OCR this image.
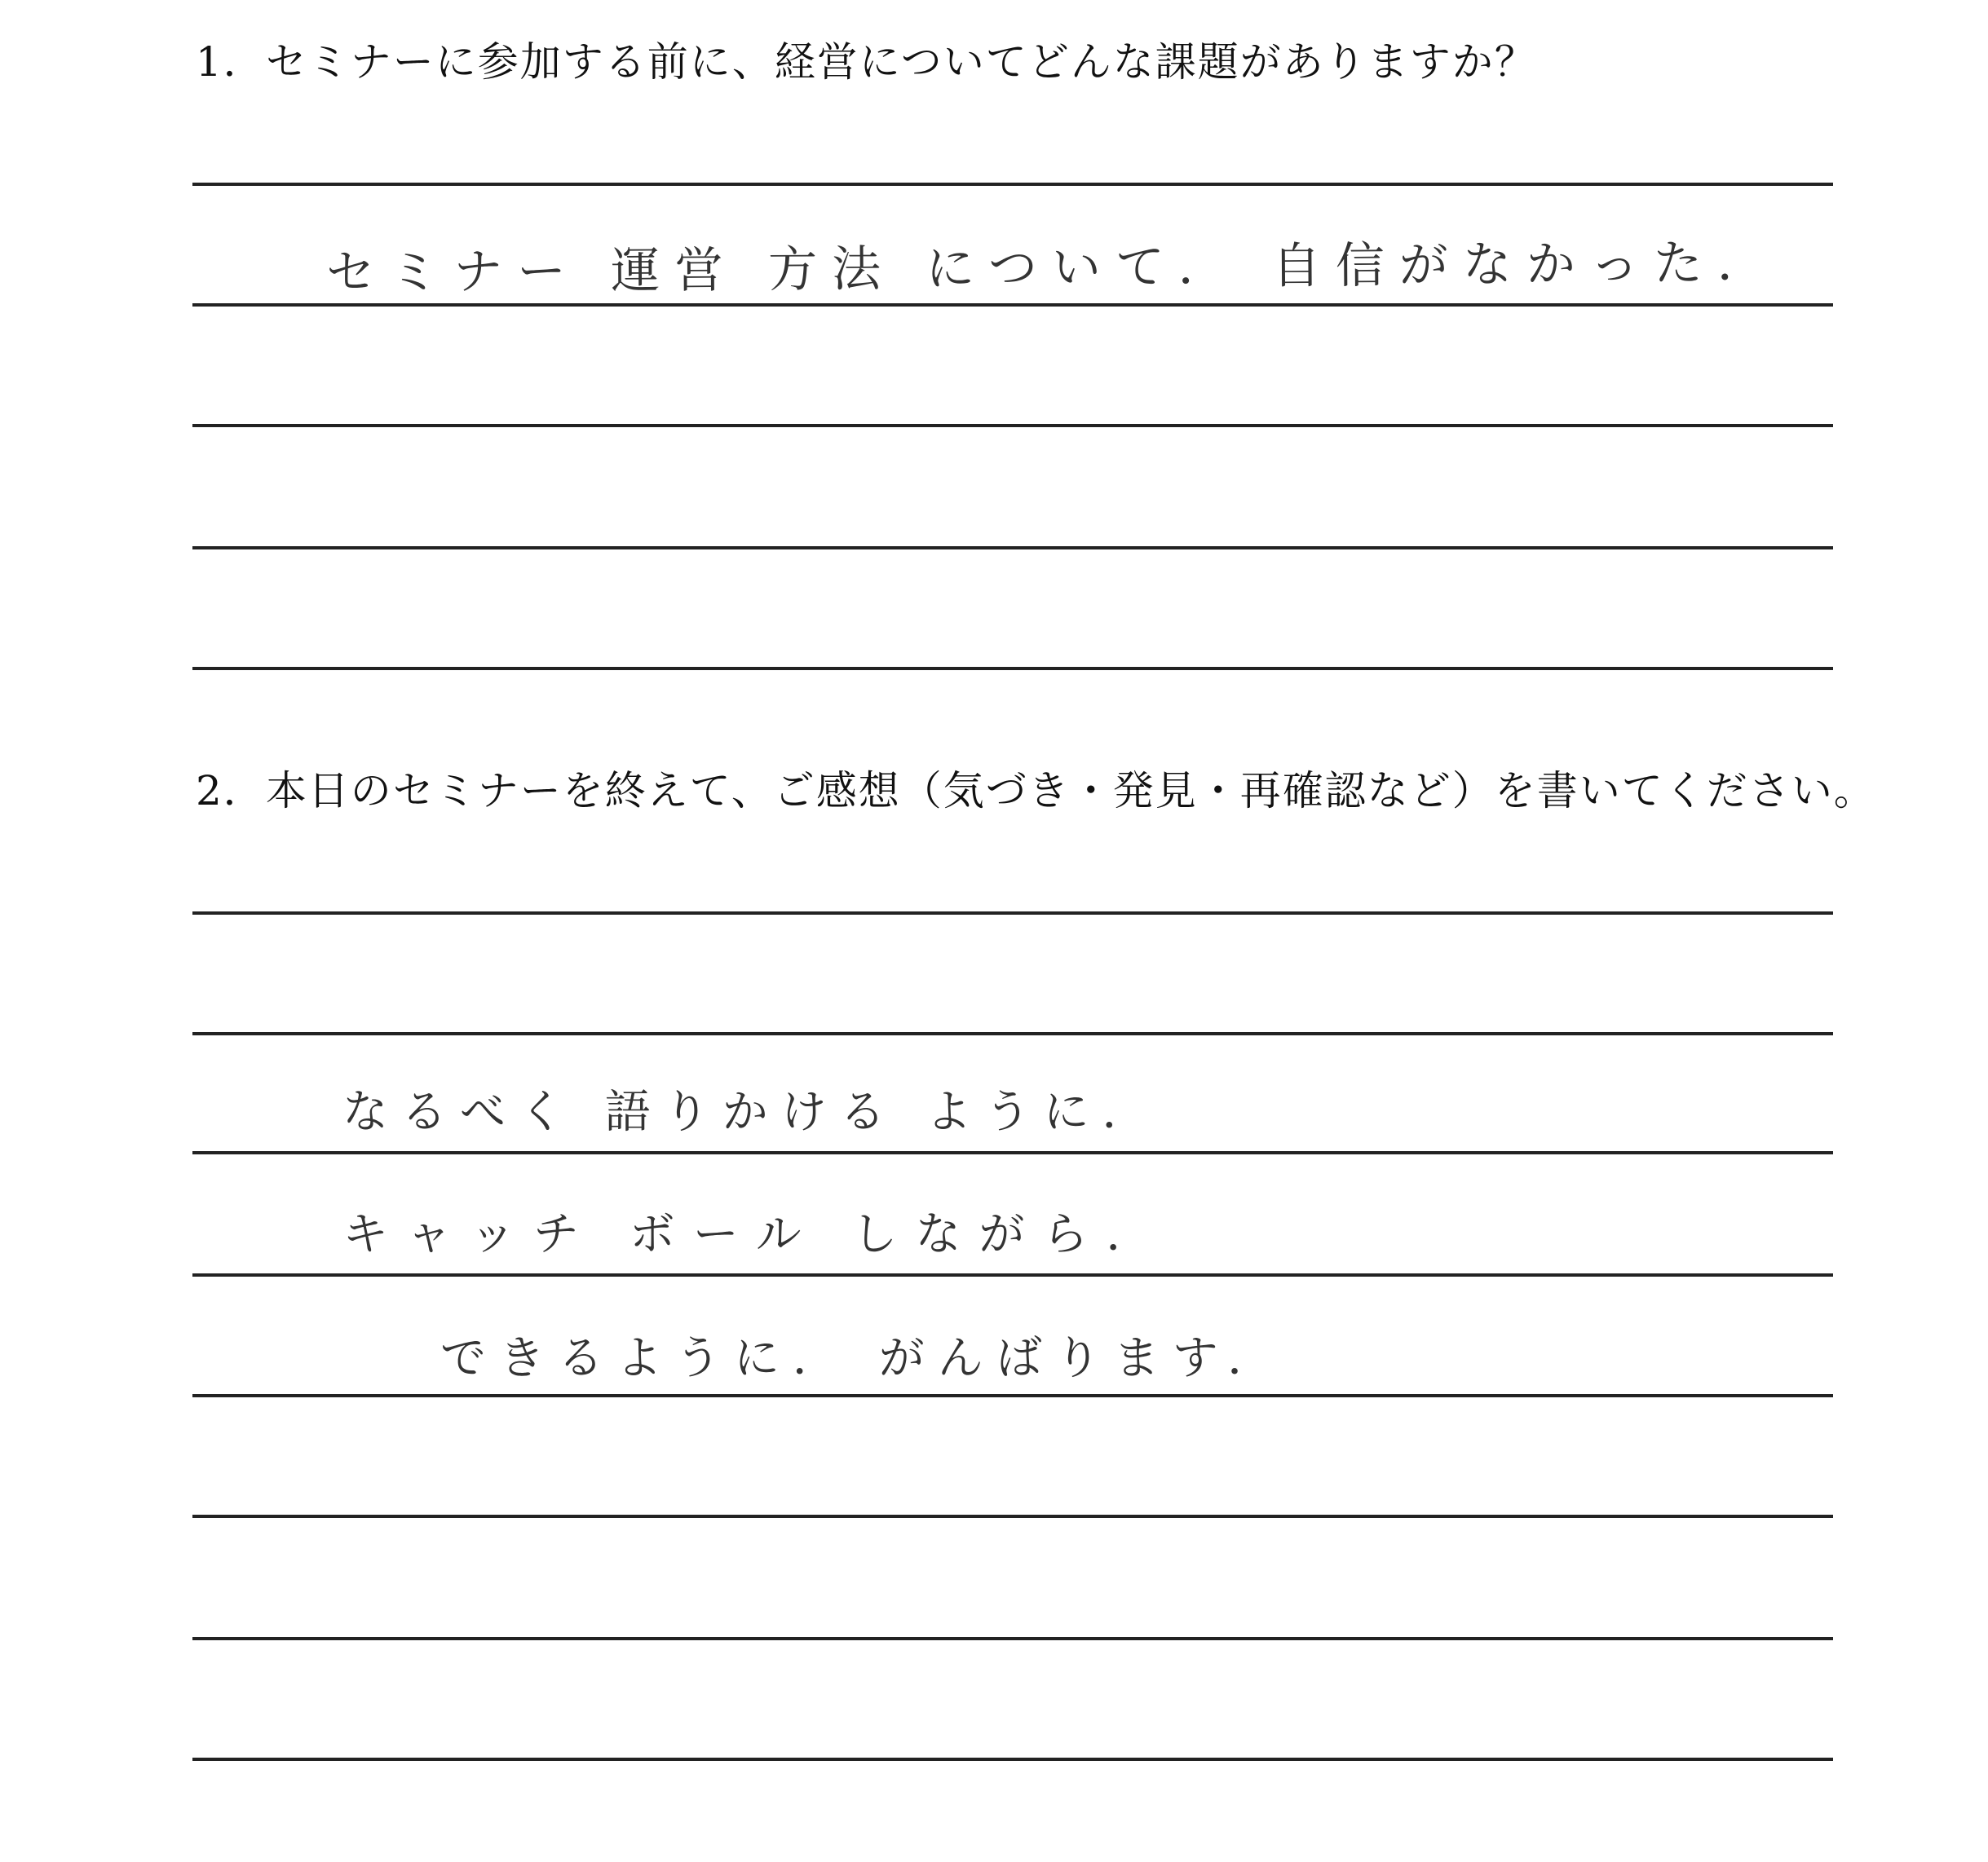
1．セミナーに参加する前に、経営についてどんな課題がありますか？
セミナー 運営 方法 について． 自信がなかった．
2．本日のセミナーを終えて、ご感想（気づき・発見・再確認など）を書いてください。
なるべく 語りかける ように．
キャッチ ボール しながら．
できるように． がんばります．
